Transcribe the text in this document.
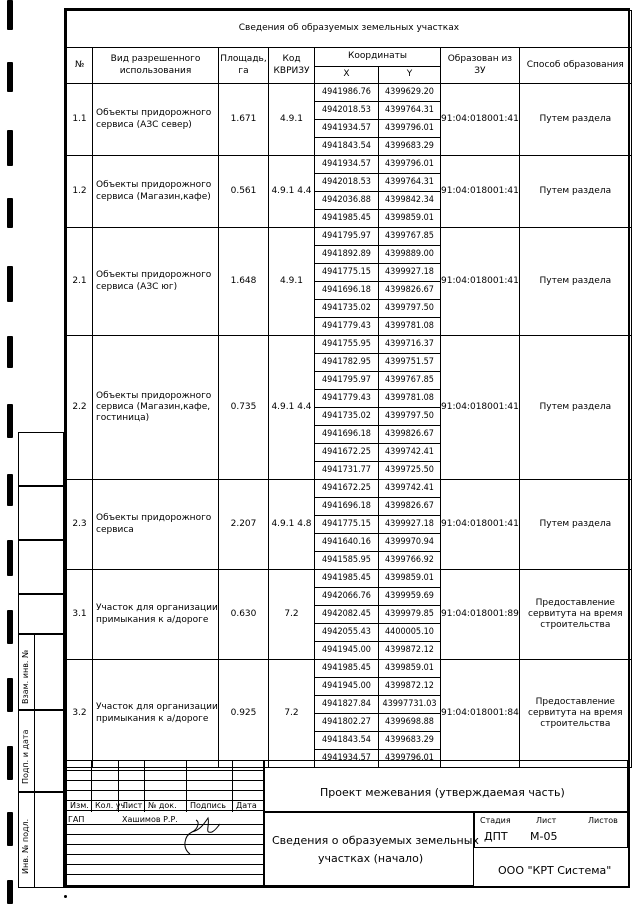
Взам. инв. №
Подп. и дата
Инв. № подл.
Сведения об образуемых земельных участках							
№	Вид разрешенного использования	Площадь, га	Код КВРИЗУ	Координаты		Образован из ЗУ	Способ образования
				X	Y		
1.1	Объекты придорожного сервиса (АЗС север)	1.671	4.9.1	4941986.76	4399629.20	91:04:018001:41	Путем раздела
				4942018.53	4399764.31		
				4941934.57	4399796.01		
				4941843.54	4399683.29		
1.2	Объекты придорожного сервиса (Магазин,кафе)	0.561	4.9.1 4.4	4941934.57	4399796.01	91:04:018001:41	Путем раздела
				4942018.53	4399764.31		
				4942036.88	4399842.34		
				4941985.45	4399859.01		
2.1	Объекты придорожного сервиса (АЗС юг)	1.648	4.9.1	4941795.97	4399767.85	91:04:018001:41	Путем раздела
				4941892.89	4399889.00		
				4941775.15	4399927.18		
				4941696.18	4399826.67		
				4941735.02	4399797.50		
				4941779.43	4399781.08		
2.2	Объекты придорожного сервиса (Магазин,кафе, гостиница)	0.735	4.9.1 4.4	4941755.95	4399716.37	91:04:018001:41	Путем раздела
				4941782.95	4399751.57		
				4941795.97	4399767.85		
				4941779.43	4399781.08		
				4941735.02	4399797.50		
				4941696.18	4399826.67		
				4941672.25	4399742.41		
				4941731.77	4399725.50		
2.3	Объекты придорожного сервиса	2.207	4.9.1 4.8	4941672.25	4399742.41	91:04:018001:41	Путем раздела
				4941696.18	4399826.67		
				4941775.15	4399927.18		
				4941640.16	4399970.94		
				4941585.95	4399766.92		
3.1	Участок для организации примыкания к а/дороге	0.630	7.2	4941985.45	4399859.01	91:04:018001:89	Предоставление сервитута на время строительства
				4942066.76	4399959.69		
				4942082.45	4399979.85		
				4942055.43	4400005.10		
				4941945.00	4399872.12		
3.2	Участок для организации примыкания к а/дороге	0.925	7.2	4941985.45	4399859.01	91:04:018001:84	Предоставление сервитута на время строительства
				4941945.00	4399872.12		
				4941827.84	43997731.03		
				4941802.27	4399698.88		
				4941843.54	4399683.29		
				4941934.57	4399796.01		
Изм. Кол. уч.
Лист № док. Подпись Дата
ГАП	Хашимов Р.Р.
Проект межевания (утверждаемая часть)
Сведения о образуемых земельных
участках (начало)
Стадия	Лист	Листов
ДПТ М-05
ООО "КРТ Система"
